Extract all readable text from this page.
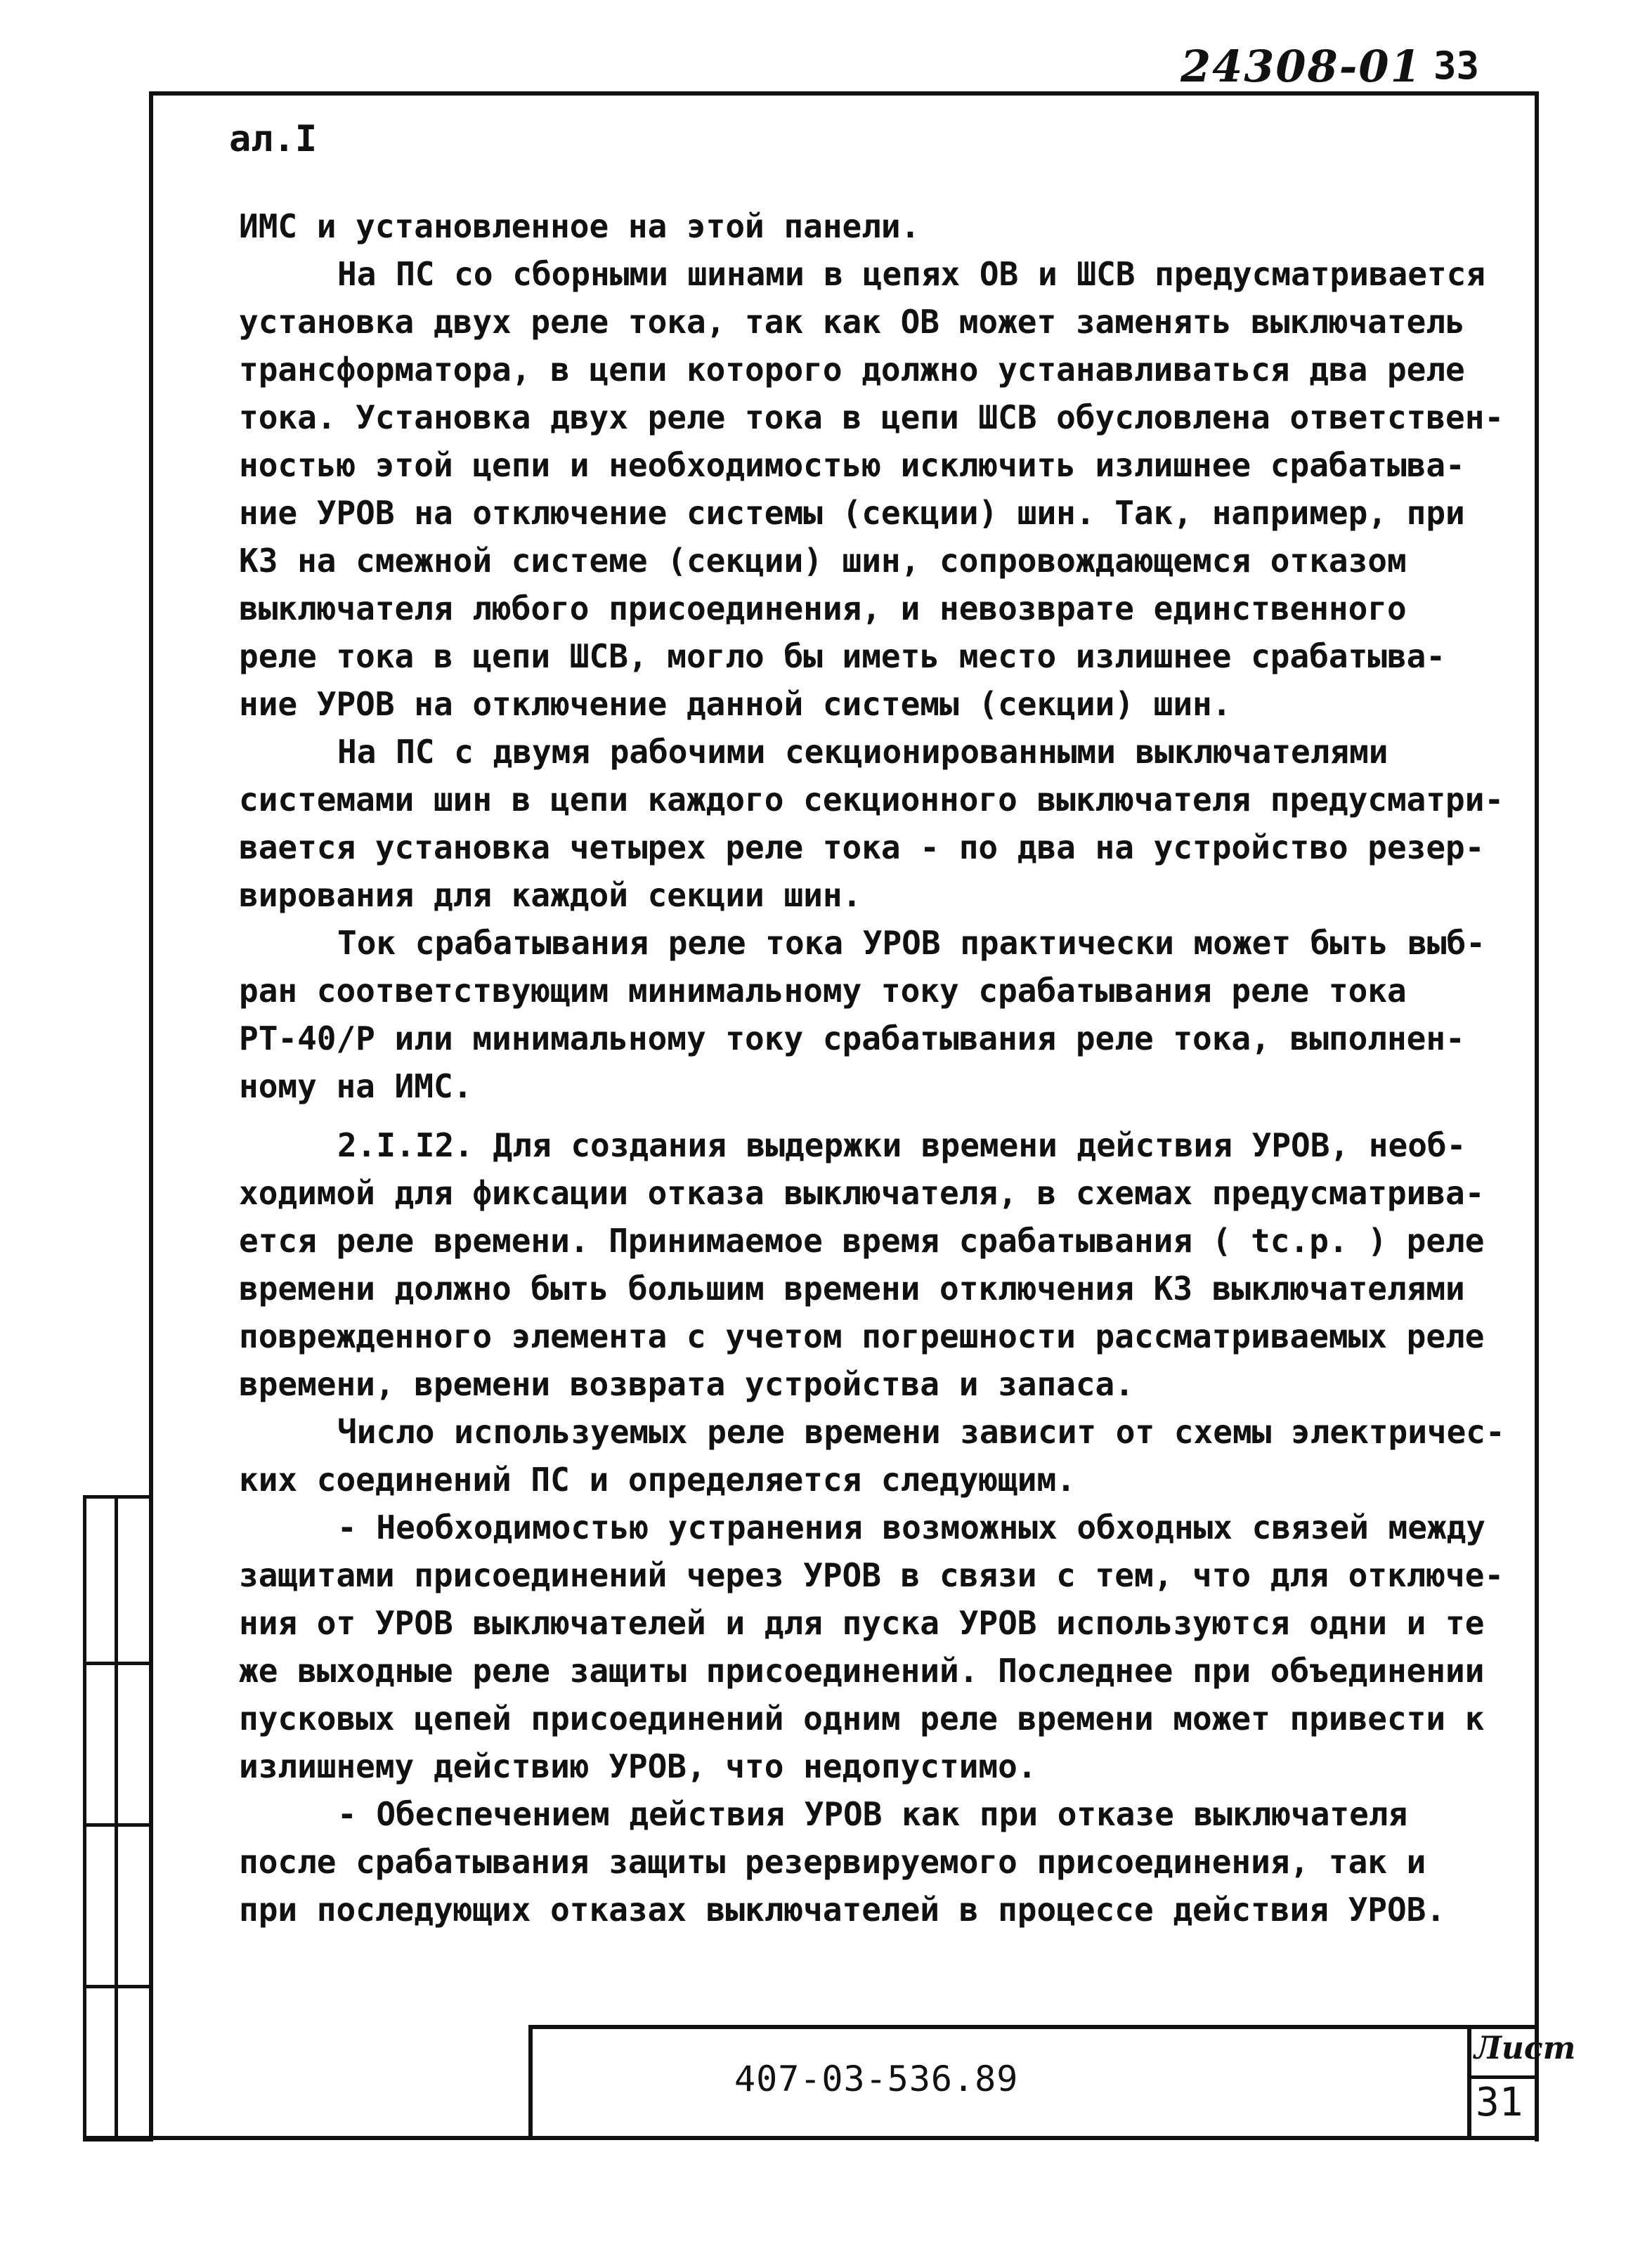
24308-01 33
ал.I

ИМС и установленное на этой панели.

На ПС со сборными шинами в цепях ОВ и ШСВ предусматривается

установка двух реле тока, так как ОВ может заменять выключатель

трансформатора, в цепи которого должно устанавливаться два реле

тока. Установка двух реле тока в цепи ШСВ обусловлена ответствен-

ностью этой цепи и необходимостью исключить излишнее срабатыва-

ние УРОВ на отключение системы (секции) шин. Так, например, при

КЗ на смежной системе (секции) шин, сопровождающемся отказом

выключателя любого присоединения, и невозврате единственного

реле тока в цепи ШСВ, могло бы иметь место излишнее срабатыва-

ние УРОВ на отключение данной системы (секции) шин.

На ПС с двумя рабочими секционированными выключателями

системами шин в цепи каждого секционного выключателя предусматри-

вается установка четырех реле тока - по два на устройство резер-

вирования для каждой секции шин.

Ток срабатывания реле тока УРОВ практически может быть выб-

ран соответствующим минимальному току срабатывания реле тока

РТ-40/Р или минимальному току срабатывания реле тока, выполнен-

ному на ИМС.

2.I.I2. Для создания выдержки времени действия УРОВ, необ-

ходимой для фиксации отказа выключателя, в схемах предусматрива-

ется реле времени. Принимаемое время срабатывания ( tс.р. ) реле

времени должно быть большим времени отключения КЗ выключателями

поврежденного элемента с учетом погрешности рассматриваемых реле

времени, времени возврата устройства и запаса.

Число используемых реле времени зависит от схемы электричес-

ких соединений ПС и определяется следующим.

- Необходимостью устранения возможных обходных связей между

защитами присоединений через УРОВ в связи с тем, что для отключе-

ния от УРОВ выключателей и для пуска УРОВ используются одни и те

же выходные реле защиты присоединений. Последнее при объединении

пусковых цепей присоединений одним реле времени может привести к

излишнему действию УРОВ, что недопустимо.

- Обеспечением действия УРОВ как при отказе выключателя

после срабатывания защиты резервируемого присоединения, так и

при последующих отказах выключателей в процессе действия УРОВ.

407-03-536.89
Лист
31
